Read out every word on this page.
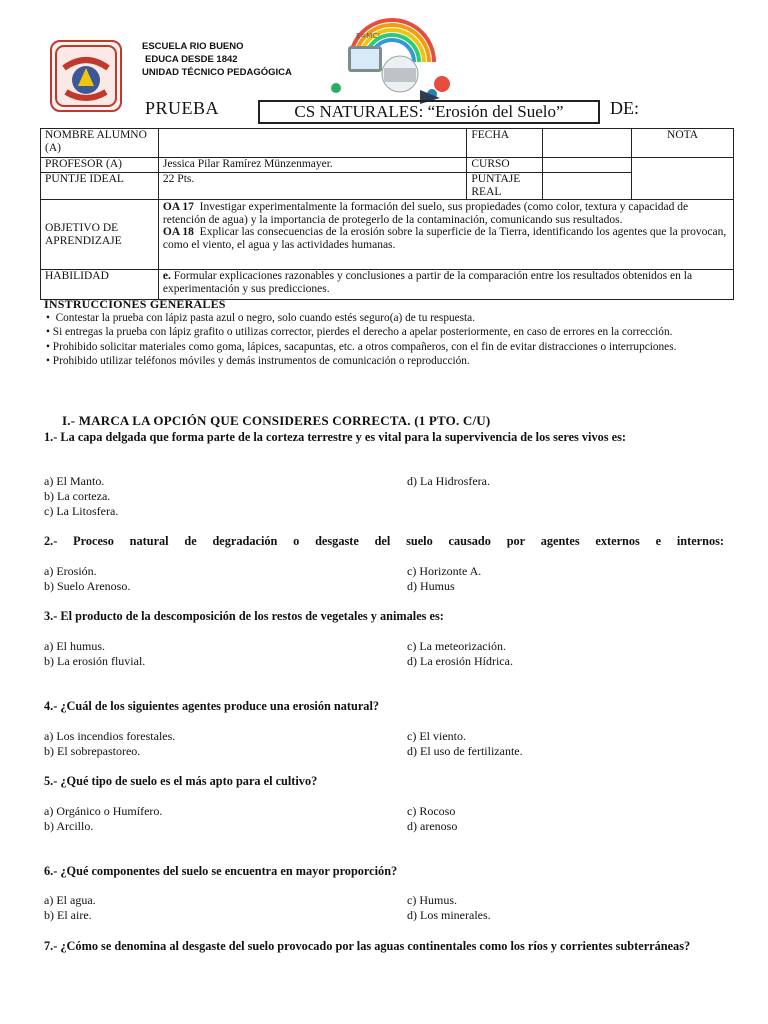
ESCUELA RIO BUENO
EDUCA DESDE 1842
UNIDAD TÉCNICO PEDAGÓGICA
E=MC²
PRUEBA	CS NATURALES: “Erosión del Suelo”	DE:
NOMBRE ALUMNO (A)		FECHA		NOTA
PROFESOR (A)	Jessica Pilar Ramírez Münzenmayer.	CURSO		
PUNTJE IDEAL	22 Pts.	PUNTAJE REAL		
OBJETIVO DE APRENDIZAJE	OA 17 Investigar experimentalmente la formación del suelo, sus propiedades (como color, textura y capacidad de retención de agua) y la importancia de protegerlo de la contaminación, comunicando sus resultados.
OA 18 Explicar las consecuencias de la erosión sobre la superficie de la Tierra, identificando los agentes que la provocan, como el viento, el agua y las actividades humanas.			

HABILIDAD	e. Formular explicaciones razonables y conclusiones a partir de la comparación entre los resultados obtenidos en la experimentación y sus predicciones.			
INSTRUCCIONES GENERALES
•  Contestar la prueba con lápiz pasta azul o negro, solo cuando estés seguro(a) de tu respuesta.
• Si entregas la prueba con lápiz grafito o utilizas corrector, pierdes el derecho a apelar posteriormente, en caso de errores en la corrección.
• Prohibido solicitar materiales como goma, lápices, sacapuntas, etc. a otros compañeros, con el fin de evitar distracciones o interrupciones.
• Prohibido utilizar teléfonos móviles y demás instrumentos de comunicación o reproducción.
I.- MARCA LA OPCIÓN QUE CONSIDERES CORRECTA. (1 PTO. C/U)
1.- La capa delgada que forma parte de la corteza terrestre y es vital para la supervivencia de los seres vivos es:
a) El Manto.
b) La corteza.
c) La Litosfera.
d) La Hidrosfera.
2.- Proceso natural de degradación o desgaste del suelo causado por agentes externos e internos:
a) Erosión.
b) Suelo Arenoso.
c) Horizonte A.
d) Humus
3.- El producto de la descomposición de los restos de vegetales y animales es:
a) El humus.
b) La erosión fluvial.
c) La meteorización.
d) La erosión Hídrica.
4.- ¿Cuál de los siguientes agentes produce una erosión natural?
a) Los incendios forestales.
b) El sobrepastoreo.
c) El viento.
d) El uso de fertilizante.
5.- ¿Qué tipo de suelo es el más apto para el cultivo?
a) Orgánico o Humífero.
b) Arcillo.
c) Rocoso
d) arenoso
6.- ¿Qué componentes del suelo se encuentra en mayor proporción?
a) El agua.
b) El aire.
c) Humus.
d) Los minerales.
7.- ¿Cómo se denomina al desgaste del suelo provocado por las aguas continentales como los ríos y corrientes subterráneas?
